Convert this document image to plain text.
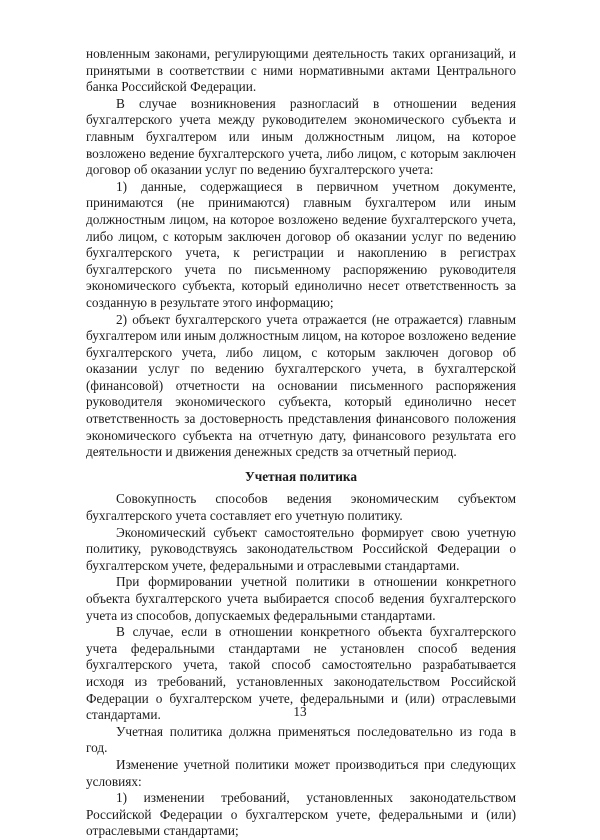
новленным законами, регулирующими деятельность таких организаций, и принятыми в соответствии с ними нормативными актами Центрального банка Российской Федерации.

В случае возникновения разногласий в отношении ведения бухгалтерского учета между руководителем экономического субъекта и главным бухгалтером или иным должностным лицом, на которое возложено ведение бухгалтерского учета, либо лицом, с которым заключен договор об оказании услуг по ведению бухгалтерского учета:

1) данные, содержащиеся в первичном учетном документе, принимаются (не принимаются) главным бухгалтером или иным должностным лицом, на которое возложено ведение бухгалтерского учета, либо лицом, с которым заключен договор об оказании услуг по ведению бухгалтерского учета, к регистрации и накоплению в регистрах бухгалтерского учета по письменному распоряжению руководителя экономического субъекта, который единолично несет ответственность за созданную в результате этого информацию;

2) объект бухгалтерского учета отражается (не отражается) главным бухгалтером или иным должностным лицом, на которое возложено ведение бухгалтерского учета, либо лицом, с которым заключен договор об оказании услуг по ведению бухгалтерского учета, в бухгалтерской (финансовой) отчетности на основании письменного распоряжения руководителя экономического субъекта, который единолично несет ответственность за достоверность представления финансового положения экономического субъекта на отчетную дату, финансового результата его деятельности и движения денежных средств за отчетный период.

Учетная политика

Совокупность способов ведения экономическим субъектом бухгалтерского учета составляет его учетную политику.

Экономический субъект самостоятельно формирует свою учетную политику, руководствуясь законодательством Российской Федерации о бухгалтерском учете, федеральными и отраслевыми стандартами.

При формировании учетной политики в отношении конкретного объекта бухгалтерского учета выбирается способ ведения бухгалтерского учета из способов, допускаемых федеральными стандартами.

В случае, если в отношении конкретного объекта бухгалтерского учета федеральными стандартами не установлен способ ведения бухгалтерского учета, такой способ самостоятельно разрабатывается исходя из требований, установленных законодательством Российской Федерации о бухгалтерском учете, федеральными и (или) отраслевыми стандартами.

Учетная политика должна применяться последовательно из года в год.

Изменение учетной политики может производиться при следующих условиях:

1) изменении требований, установленных законодательством Российской Федерации о бухгалтерском учете, федеральными и (или) отраслевыми стандартами;

13
